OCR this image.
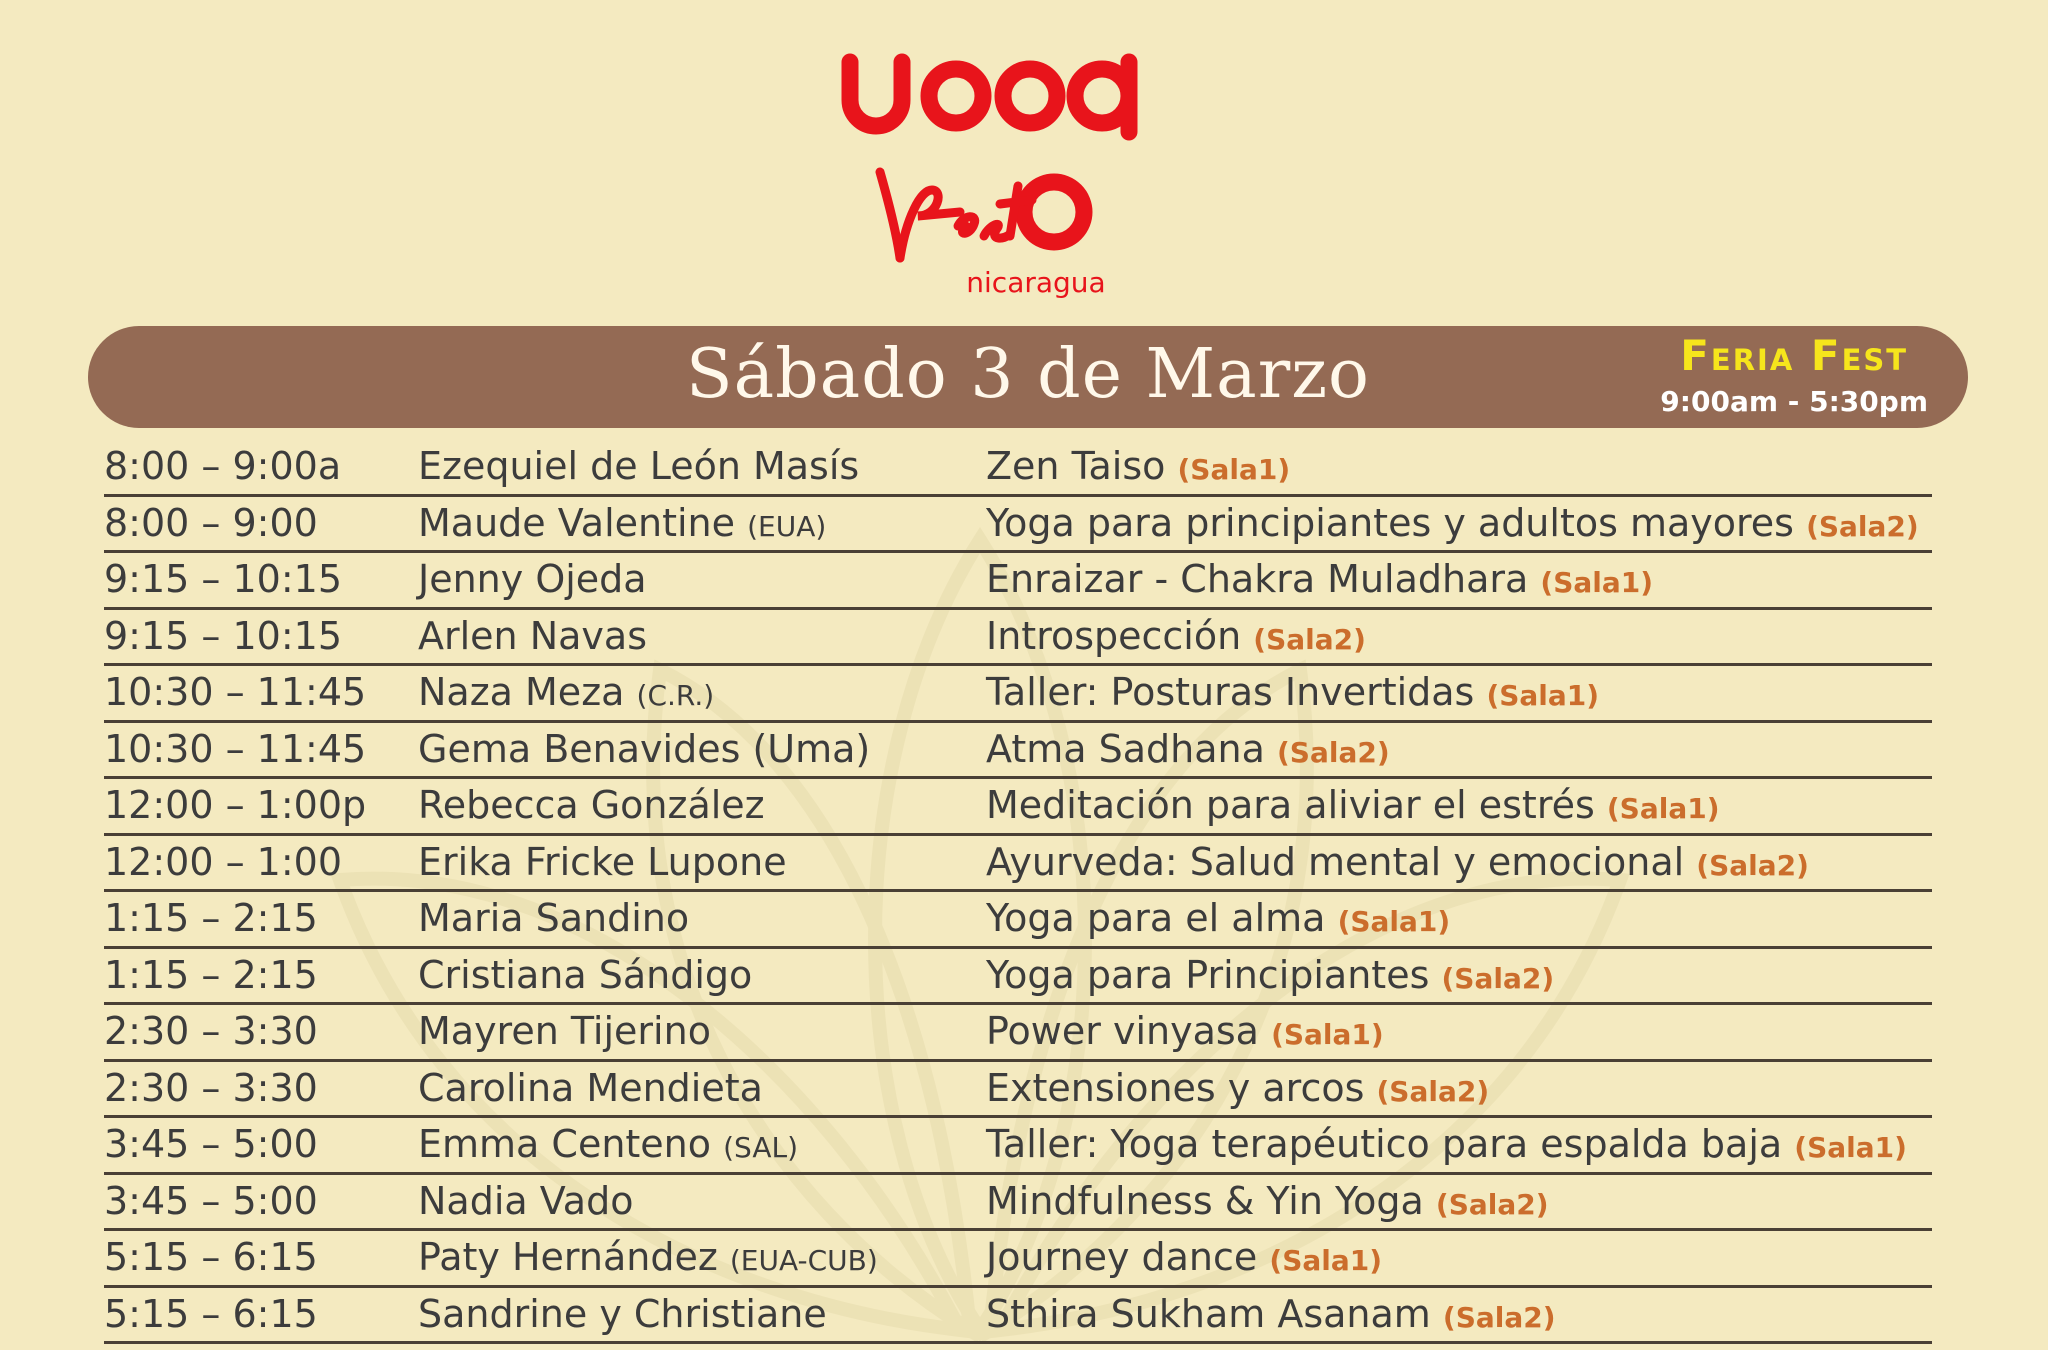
nicaragua
Sábado 3 de Marzo	Feria Fest
9:00am - 5:30pm
8:00 – 9:00a Ezequiel de León Masís	Zen Taiso (Sala1)
8:00 – 9:00	Maude Valentine (EUA)	Yoga para principiantes y adultos mayores (Sala2)
9:15 – 10:15 Jenny Ojeda	Enraizar - Chakra Muladhara (Sala1)
9:15 – 10:15 Arlen Navas	Introspección (Sala2)
10:30 – 11:45 Naza Meza (C.R.)	Taller: Posturas Invertidas (Sala1)
10:30 – 11:45 Gema Benavides (Uma)	Atma Sadhana (Sala2)
12:00 – 1:00p Rebecca González	Meditación para aliviar el estrés (Sala1)
12:00 – 1:00 Erika Fricke Lupone	Ayurveda: Salud mental y emocional (Sala2)
1:15 – 2:15	Maria Sandino	Yoga para el alma (Sala1)
1:15 – 2:15	Cristiana Sándigo	Yoga para Principiantes (Sala2)
2:30 – 3:30	Mayren Tijerino	Power vinyasa (Sala1)
2:30 – 3:30	Carolina Mendieta	Extensiones y arcos (Sala2)
3:45 – 5:00	Emma Centeno (SAL)	Taller: Yoga terapéutico para espalda baja (Sala1)
3:45 – 5:00	Nadia Vado	Mindfulness & Yin Yoga (Sala2)
5:15 – 6:15	Paty Hernández (EUA-CUB)	Journey dance (Sala1)
5:15 – 6:15	Sandrine y Christiane	Sthira Sukham Asanam (Sala2)
